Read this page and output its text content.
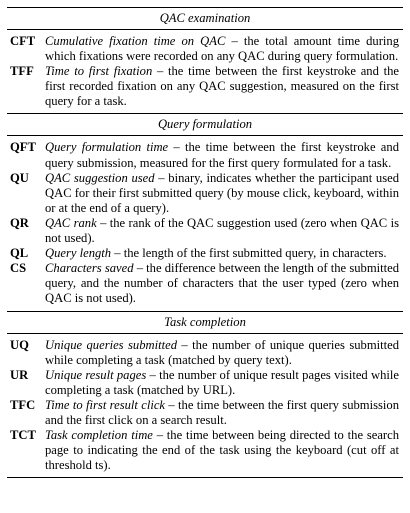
QAC examination
CFT Cumulative fixation time on QAC – the total amount time during which fixations were recorded on any QAC during query formulation.
TFF Time to first fixation – the time between the first keystroke and the first recorded fixation on any QAC suggestion, measured on the first query for a task.
Query formulation
QFT Query formulation time – the time between the first keystroke and query submission, measured for the first query formulated for a task.
QU	QAC suggestion used – binary, indicates whether the participant used QAC for their first submitted query (by mouse click, keyboard, within or at the end of a query).
QR	QAC rank – the rank of the QAC suggestion used (zero when QAC is not used).
QL	Query length – the length of the first submitted query, in characters.
CS	Characters saved – the difference between the length of the submitted query, and the number of characters that the user typed (zero when QAC is not used).
Task completion
UQ	Unique queries submitted – the number of unique queries submitted while completing a task (matched by query text).
UR	Unique result pages – the number of unique result pages visited while completing a task (matched by URL).
TFC Time to first result click – the time between the first query submission and the first click on a search result.
TCT Task completion time – the time between being directed to the search page to indicating the end of the task using the keyboard (cut off at threshold ts).
